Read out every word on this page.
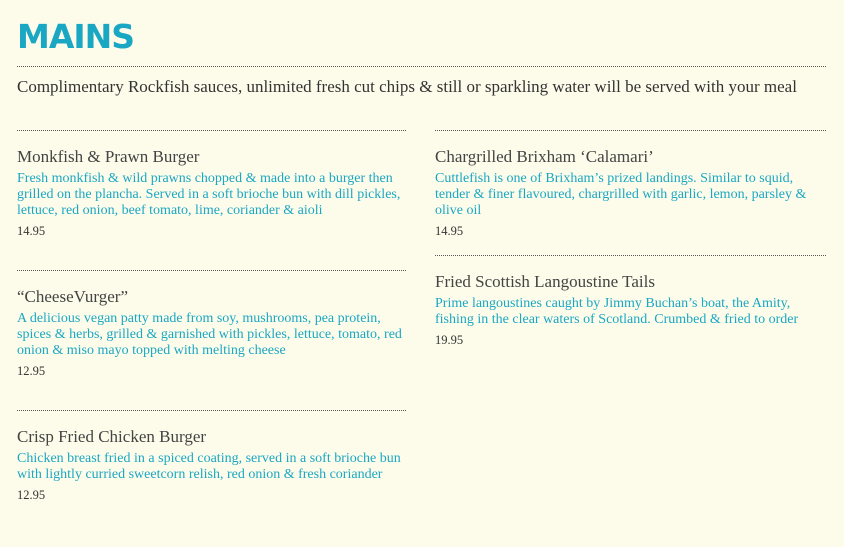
MAINS

Complimentary Rockfish sauces, unlimited fresh cut chips & still or sparkling water will be served with your meal

Monkfish & Prawn Burger

Fresh monkfish & wild prawns chopped & made into a burger then grilled on the plancha. Served in a soft brioche bun with dill pickles, lettuce, red onion, beef tomato, lime, coriander & aioli

14.95

“CheeseVurger”

A delicious vegan patty made from soy, mushrooms, pea protein, spices & herbs, grilled & garnished with pickles, lettuce, tomato, red onion & miso mayo topped with melting cheese

12.95

Crisp Fried Chicken Burger

Chicken breast fried in a spiced coating, served in a soft brioche bun with lightly curried sweetcorn relish, red onion & fresh coriander

12.95

Chargrilled Brixham ‘Calamari’

Cuttlefish is one of Brixham’s prized landings. Similar to squid, tender & finer flavoured, chargrilled with garlic, lemon, parsley & olive oil

14.95

Fried Scottish Langoustine Tails

Prime langoustines caught by Jimmy Buchan’s boat, the Amity, fishing in the clear waters of Scotland. Crumbed & fried to order

19.95
